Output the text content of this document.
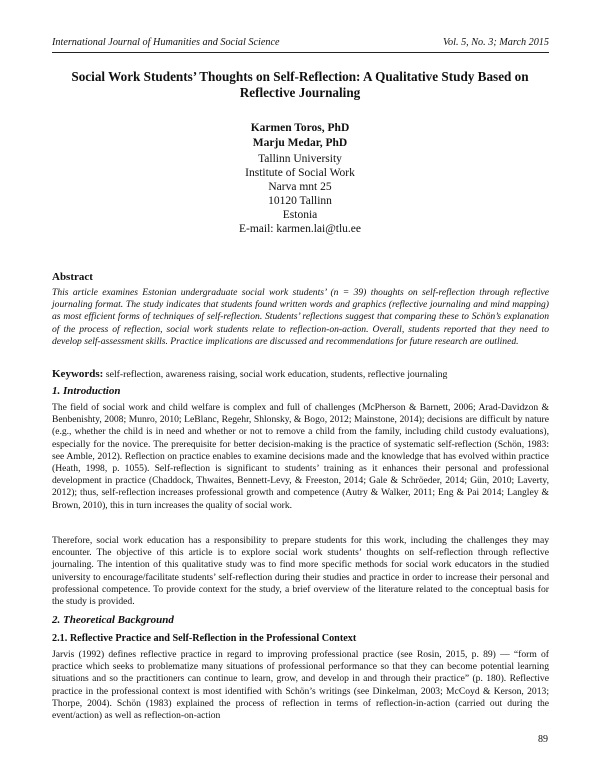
International Journal of Humanities and Social Science	Vol. 5, No. 3; March 2015
Social Work Students’ Thoughts on Self-Reflection: A Qualitative Study Based on Reflective Journaling
Karmen Toros, PhD
Marju Medar, PhD
Tallinn University
Institute of Social Work
Narva mnt 25
10120 Tallinn
Estonia
E-mail: karmen.lai@tlu.ee
Abstract

This article examines Estonian undergraduate social work students’ (n = 39) thoughts on self-reflection through reflective journaling format. The study indicates that students found written words and graphics (reflective journaling and mind mapping) as most efficient forms of techniques of self-reflection. Students’ reflections suggest that comparing these to Schön’s explanation of the process of reflection, social work students relate to reflection-on-action. Overall, students reported that they need to develop self-assessment skills. Practice implications are discussed and recommendations for future research are outlined.

Keywords: self-reflection, awareness raising, social work education, students, reflective journaling
1. Introduction

The field of social work and child welfare is complex and full of challenges (McPherson & Barnett, 2006; Arad-Davidzon & Benbenishty, 2008; Munro, 2010; LeBlanc, Regehr, Shlonsky, & Bogo, 2012; Mainstone, 2014); decisions are difficult by nature (e.g., whether the child is in need and whether or not to remove a child from the family, including child custody evaluations), especially for the novice. The prerequisite for better decision-making is the practice of systematic self-reflection (Schön, 1983: see Amble, 2012). Reflection on practice enables to examine decisions made and the knowledge that has evolved within practice (Heath, 1998, p. 1055). Self-reflection is significant to students’ training as it enhances their personal and professional development in practice (Chaddock, Thwaites, Bennett-Levy, & Freeston, 2014; Gale & Schröeder, 2014; Gün, 2010; Laverty, 2012); thus, self-reflection increases professional growth and competence (Autry & Walker, 2011; Eng & Pai 2014; Langley & Brown, 2010), this in turn increases the quality of social work.

Therefore, social work education has a responsibility to prepare students for this work, including the challenges they may encounter. The objective of this article is to explore social work students’ thoughts on self-reflection through reflective journaling. The intention of this qualitative study was to find more specific methods for social work educators in the studied university to encourage/facilitate students’ self-reflection during their studies and practice in order to increase their personal and professional competence. To provide context for the study, a brief overview of the literature related to the conceptual basis for the study is provided.

2. Theoretical Background
2.1. Reflective Practice and Self-Reflection in the Professional Context

Jarvis (1992) defines reflective practice in regard to improving professional practice (see Rosin, 2015, p. 89) — “form of practice which seeks to problematize many situations of professional performance so that they can become potential learning situations and so the practitioners can continue to learn, grow, and develop in and through their practice” (p. 180). Reflective practice in the professional context is most identified with Schön’s writings (see Dinkelman, 2003; McCoyd & Kerson, 2013; Thorpe, 2004). Schön (1983) explained the process of reflection in terms of reflection-in-action (carried out during the event/action) as well as reflection-on-action

89
